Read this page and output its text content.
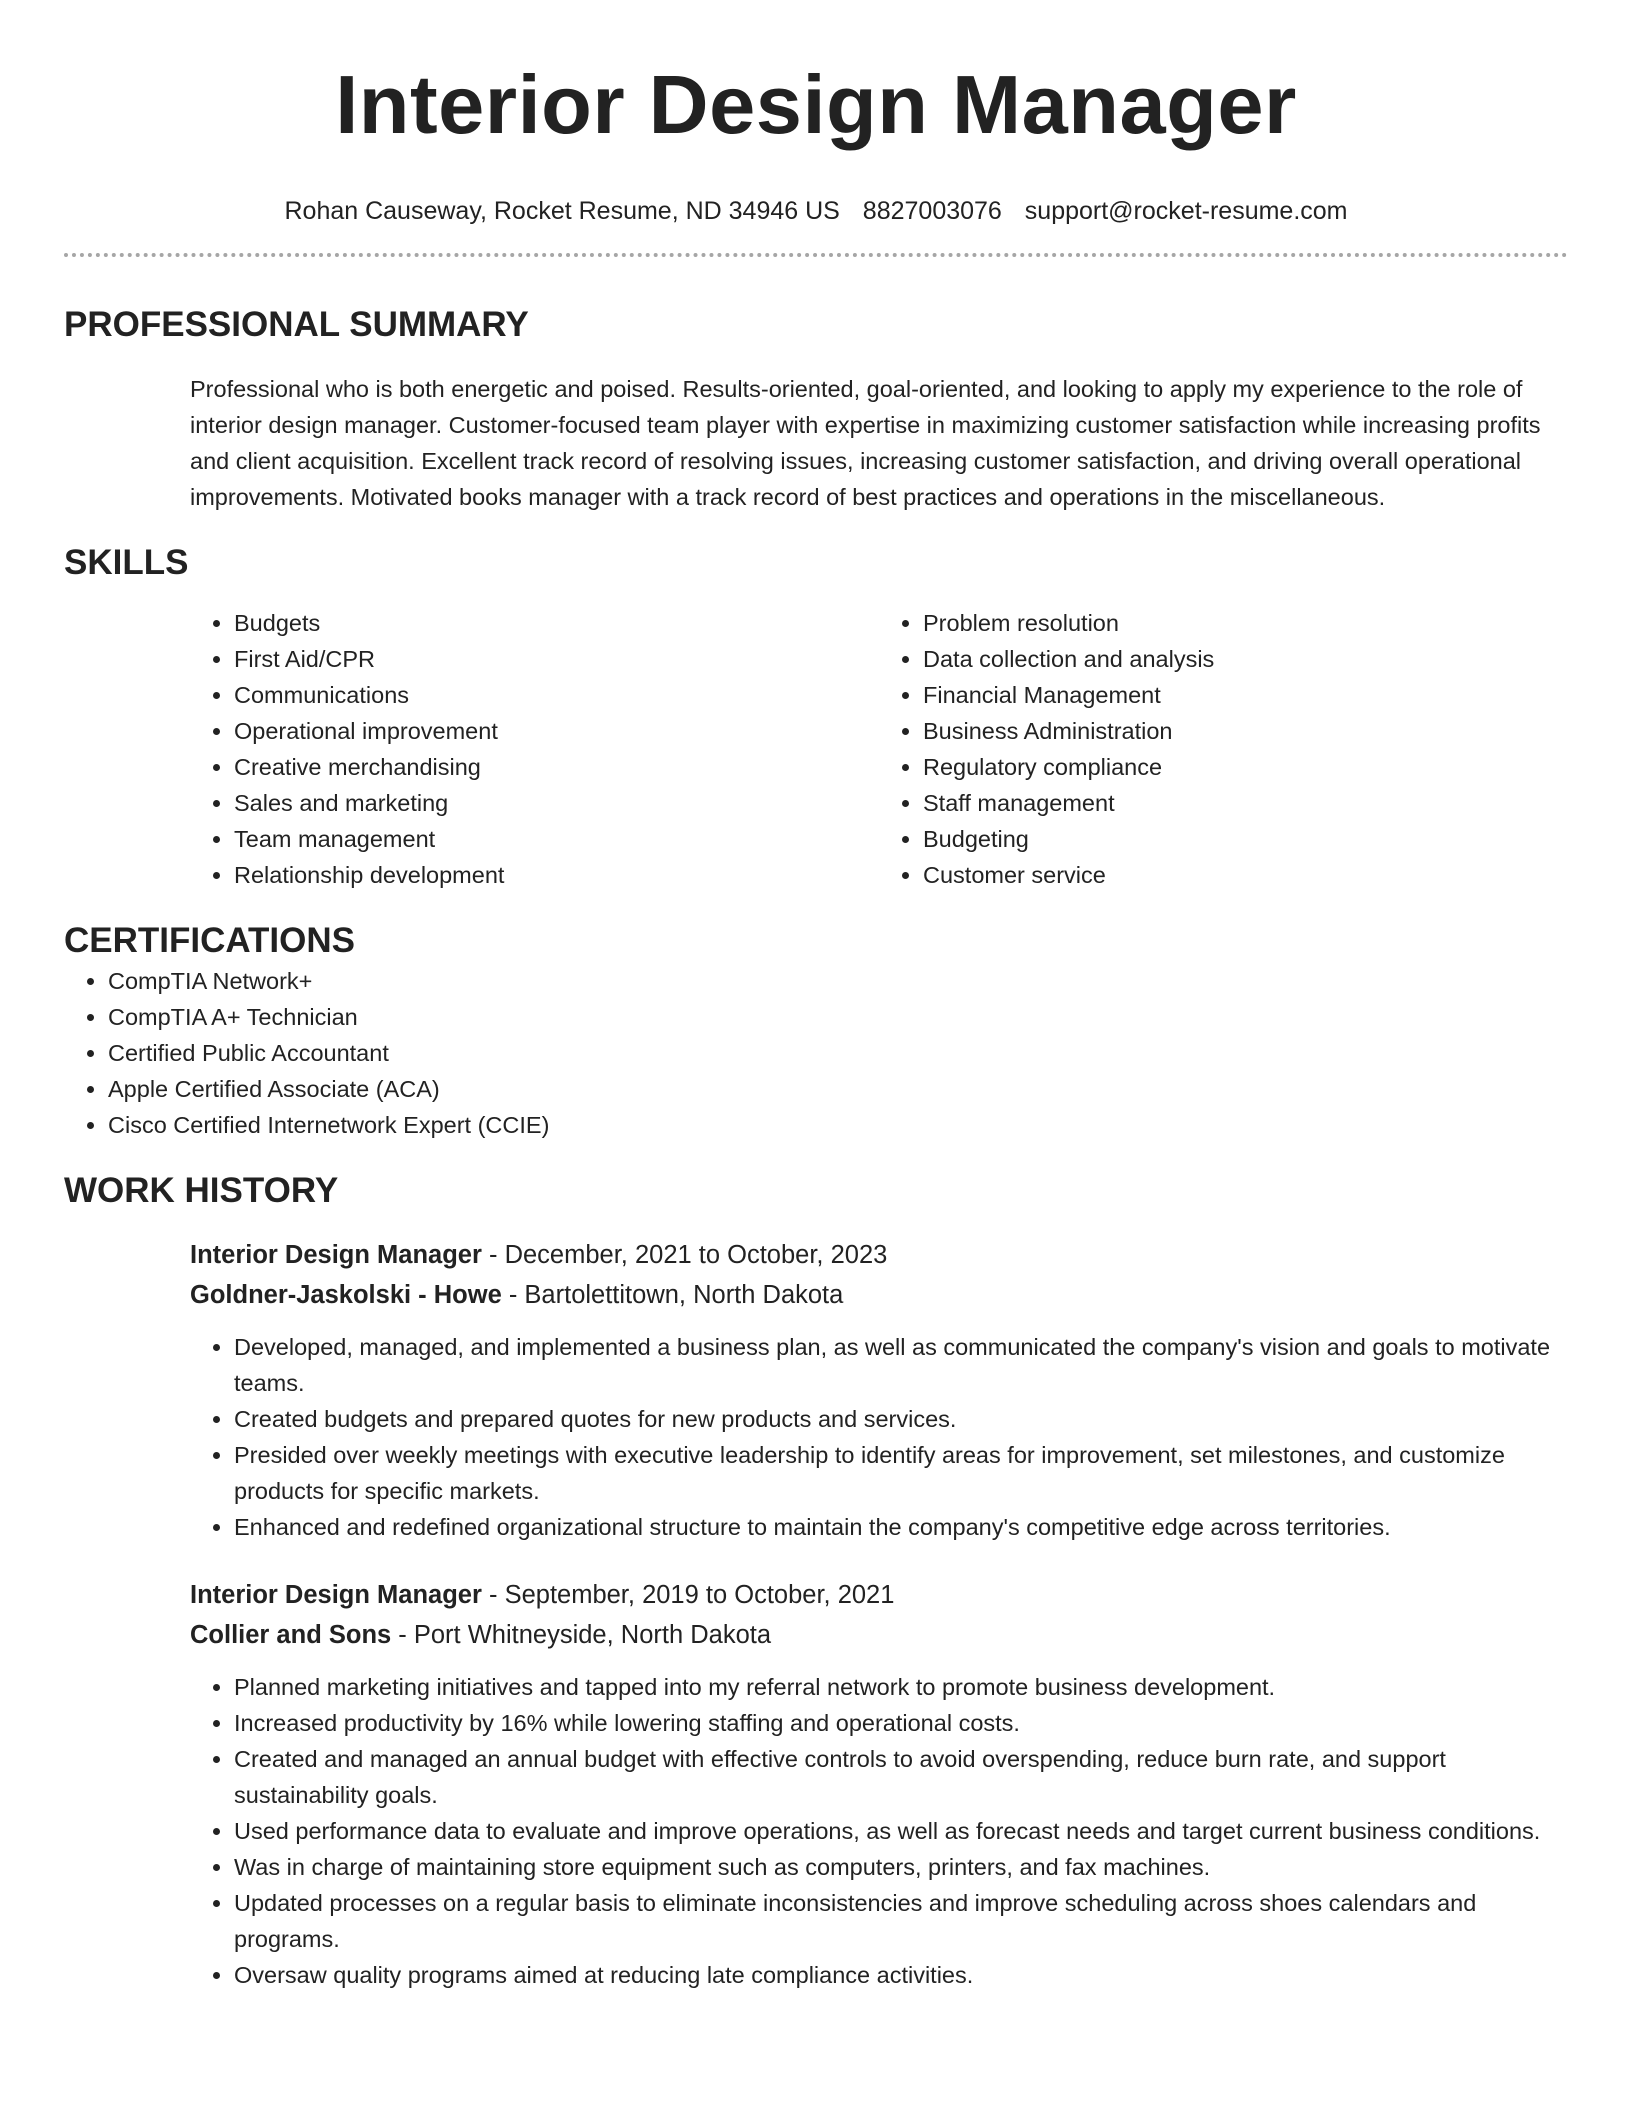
Interior Design Manager
Rohan Causeway, Rocket Resume, ND 34946 US 8827003076 support@rocket-resume.com
PROFESSIONAL SUMMARY
Professional who is both energetic and poised. Results-oriented, goal-oriented, and looking to apply my experience to the role of interior design manager. Customer-focused team player with expertise in maximizing customer satisfaction while increasing profits and client acquisition. Excellent track record of resolving issues, increasing customer satisfaction, and driving overall operational improvements. Motivated books manager with a track record of best practices and operations in the miscellaneous.
SKILLS
• Budgets
• First Aid/CPR
• Communications
• Operational improvement
• Creative merchandising
• Sales and marketing
• Team management
• Relationship development
• Problem resolution
• Data collection and analysis
• Financial Management
• Business Administration
• Regulatory compliance
• Staff management
• Budgeting
• Customer service
CERTIFICATIONS
• CompTIA Network+
• CompTIA A+ Technician
• Certified Public Accountant
• Apple Certified Associate (ACA)
• Cisco Certified Internetwork Expert (CCIE)
WORK HISTORY
Interior Design Manager - December, 2021 to October, 2023
Goldner-Jaskolski - Howe - Bartolettitown, North Dakota
• Developed, managed, and implemented a business plan, as well as communicated the company's vision and goals to motivate teams.
• Created budgets and prepared quotes for new products and services.
• Presided over weekly meetings with executive leadership to identify areas for improvement, set milestones, and customize products for specific markets.
• Enhanced and redefined organizational structure to maintain the company's competitive edge across territories.
Interior Design Manager - September, 2019 to October, 2021
Collier and Sons - Port Whitneyside, North Dakota
• Planned marketing initiatives and tapped into my referral network to promote business development.
• Increased productivity by 16% while lowering staffing and operational costs.
• Created and managed an annual budget with effective controls to avoid overspending, reduce burn rate, and support sustainability goals.
• Used performance data to evaluate and improve operations, as well as forecast needs and target current business conditions.
• Was in charge of maintaining store equipment such as computers, printers, and fax machines.
• Updated processes on a regular basis to eliminate inconsistencies and improve scheduling across shoes calendars and programs.
• Oversaw quality programs aimed at reducing late compliance activities.
